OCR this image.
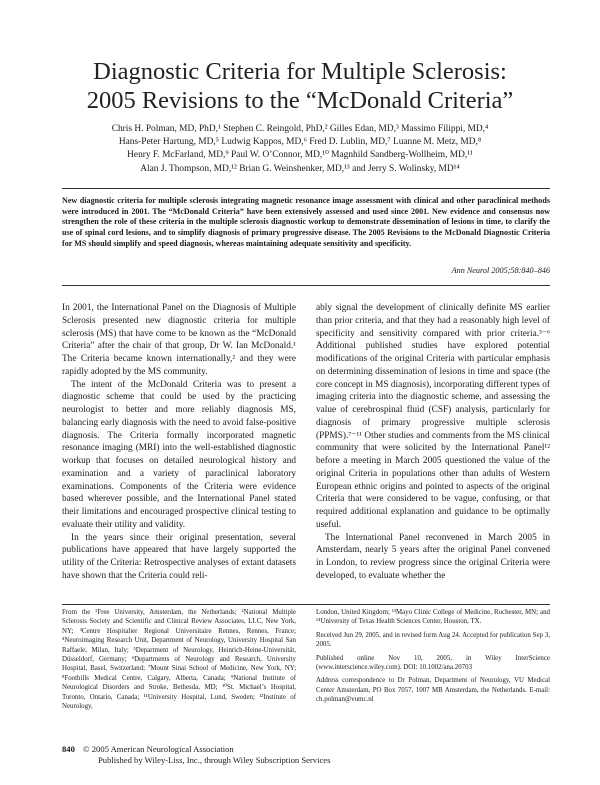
Diagnostic Criteria for Multiple Sclerosis:
2005 Revisions to the “McDonald Criteria”
Chris H. Polman, MD, PhD,¹ Stephen C. Reingold, PhD,² Gilles Edan, MD,³ Massimo Filippi, MD,⁴
Hans-Peter Hartung, MD,⁵ Ludwig Kappos, MD,⁶ Fred D. Lublin, MD,⁷ Luanne M. Metz, MD,⁸
Henry F. McFarland, MD,⁹ Paul W. O’Connor, MD,¹⁰ Magnhild Sandberg-Wollheim, MD,¹¹
Alan J. Thompson, MD,¹² Brian G. Weinshenker, MD,¹³ and Jerry S. Wolinsky, MD¹⁴
New diagnostic criteria for multiple sclerosis integrating magnetic resonance image assessment with clinical and other paraclinical methods were introduced in 2001. The “McDonald Criteria” have been extensively assessed and used since 2001. New evidence and consensus now strengthen the role of these criteria in the multiple sclerosis diagnostic workup to demonstrate dissemination of lesions in time, to clarify the use of spinal cord lesions, and to simplify diagnosis of primary progressive disease. The 2005 Revisions to the McDonald Diagnostic Criteria for MS should simplify and speed diagnosis, whereas maintaining adequate sensitivity and specificity.
Ann Neurol 2005;58:840–846

In 2001, the International Panel on the Diagnosis of Multiple Sclerosis presented new diagnostic criteria for multiple sclerosis (MS) that have come to be known as the “McDonald Criteria” after the chair of that group, Dr W. Ian McDonald.¹ The Criteria became known internationally,² and they were rapidly adopted by the MS community.

The intent of the McDonald Criteria was to present a diagnostic scheme that could be used by the practicing neurologist to better and more reliably diagnosis MS, balancing early diagnosis with the need to avoid false-positive diagnosis. The Criteria formally incorporated magnetic resonance imaging (MRI) into the well-established diagnostic workup that focuses on detailed neurological history and examination and a variety of paraclinical laboratory examinations. Components of the Criteria were evidence based wherever possible, and the International Panel stated their limitations and encouraged prospective clinical testing to evaluate their utility and validity.

In the years since their original presentation, several publications have appeared that have largely supported the utility of the Criteria: Retrospective analyses of extant datasets have shown that the Criteria could reli-

ably signal the development of clinically definite MS earlier than prior criteria, and that they had a reasonably high level of specificity and sensitivity compared with prior criteria.³⁻⁶ Additional published studies have explored potential modifications of the original Criteria with particular emphasis on determining dissemination of lesions in time and space (the core concept in MS diagnosis), incorporating different types of imaging criteria into the diagnostic scheme, and assessing the value of cerebrospinal fluid (CSF) analysis, particularly for diagnosis of primary progressive multiple sclerosis (PPMS).⁷⁻¹¹ Other studies and comments from the MS clinical community that were solicited by the International Panel¹² before a meeting in March 2005 questioned the value of the original Criteria in populations other than adults of Western European ethnic origins and pointed to aspects of the original Criteria that were considered to be vague, confusing, or that required additional explanation and guidance to be optimally useful.

The International Panel reconvened in March 2005 in Amsterdam, nearly 5 years after the original Panel convened in London, to review progress since the original Criteria were developed, to evaluate whether the

From the ¹Free University, Amsterdam, the Netherlands; ²National Multiple Sclerosis Society and Scientific and Clinical Review Associates, LLC, New York, NY; ³Centre Hospitalier Regional Universitaire Rennes, Rennes, France; ⁴Neuroimaging Research Unit, Department of Neurology, University Hospital San Raffaele, Milan, Italy; ⁵Department of Neurology, Heinrich-Heine-Universität, Düsseldorf, Germany; ⁶Departments of Neurology and Research, University Hospital, Basel, Switzerland; ⁷Mount Sinai School of Medicine, New York, NY; ⁸Foothills Medical Centre, Calgary, Alberta, Canada; ⁹National Institute of Neurological Disorders and Stroke, Bethesda, MD; ¹⁰St. Michael’s Hospital, Toronto, Ontario, Canada; ¹¹University Hospital, Lund, Sweden; ¹²Institute of Neurology,

London, United Kingdom; ¹³Mayo Clinic College of Medicine, Rochester, MN; and ¹⁴University of Texas Health Sciences Center, Houston, TX.

Received Jun 29, 2005, and in revised form Aug 24. Accepted for publication Sep 3, 2005.

Published online Nov 10, 2005, in Wiley InterScience (www.interscience.wiley.com). DOI: 10.1002/ana.20703

Address correspondence to Dr Polman, Department of Neurology, VU Medical Center Amsterdam, PO Box 7057, 1007 MB Amsterdam, the Netherlands. E-mail: ch.polman@vumc.nl

840 © 2005 American Neurological Association
Published by Wiley-Liss, Inc., through Wiley Subscription Services
